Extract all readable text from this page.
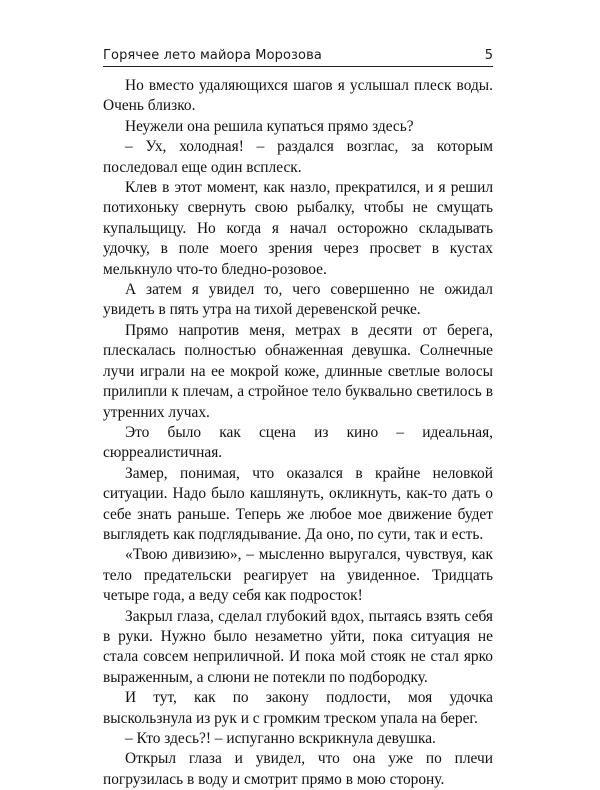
Горячее лето майора Морозова	5

Но вместо удаляющихся шагов я услышал плеск воды. Очень близко.

Неужели она решила купаться прямо здесь?

– Ух, холодная! – раздался возглас, за которым последовал еще один всплеск.

Клев в этот момент, как назло, прекратился, и я решил потихоньку свернуть свою рыбалку, чтобы не смущать купальщицу. Но когда я начал осторожно складывать удочку, в поле моего зрения через просвет в кустах мелькнуло что-то бледно-розовое.

А затем я увидел то, чего совершенно не ожидал увидеть в пять утра на тихой деревенской речке.

Прямо напротив меня, метрах в десяти от берега, плескалась полностью обнаженная девушка. Солнечные лучи играли на ее мокрой коже, длинные светлые волосы прилипли к плечам, а стройное тело буквально светилось в утренних лучах.

Это было как сцена из кино – идеальная, сюрреалистичная.

Замер, понимая, что оказался в крайне неловкой ситуации. Надо было кашлянуть, окликнуть, как-то дать о себе знать раньше. Теперь же любое мое движение будет выглядеть как подглядывание. Да оно, по сути, так и есть.

«Твою дивизию», – мысленно выругался, чувствуя, как тело предательски реагирует на увиденное. Тридцать четыре года, а веду себя как подросток!

Закрыл глаза, сделал глубокий вдох, пытаясь взять себя в руки. Нужно было незаметно уйти, пока ситуация не стала совсем неприличной. И пока мой стояк не стал ярко выраженным, а слюни не потекли по подбородку.

И тут, как по закону подлости, моя удочка выскользнула из рук и с громким треском упала на берег.

– Кто здесь?! – испуганно вскрикнула девушка.

Открыл глаза и увидел, что она уже по плечи погрузилась в воду и смотрит прямо в мою сторону.
